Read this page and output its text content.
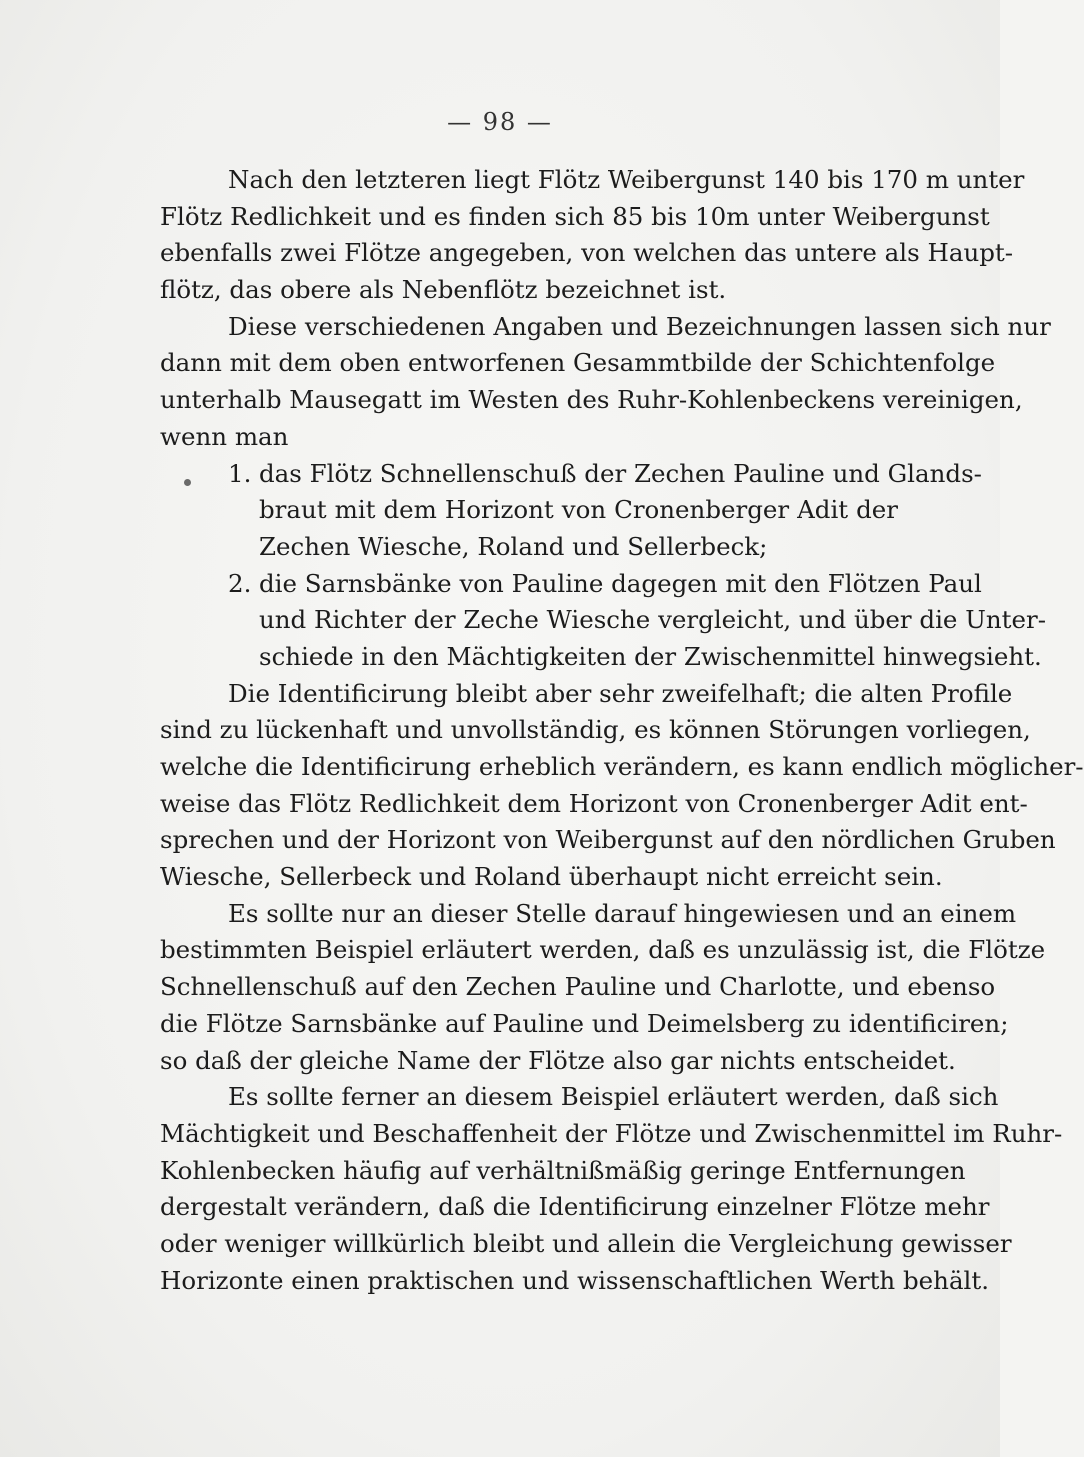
— 98 —
Nach den letzteren liegt Flötz Weibergunst 140 bis 170 m unter
Flötz Redlichkeit und es finden sich 85 bis 10m unter Weibergunst
ebenfalls zwei Flötze angegeben, von welchen das untere als Haupt-
flötz, das obere als Nebenflötz bezeichnet ist.
Diese verschiedenen Angaben und Bezeichnungen lassen sich nur
dann mit dem oben entworfenen Gesammtbilde der Schichtenfolge
unterhalb Mausegatt im Westen des Ruhr-Kohlenbeckens vereinigen,
wenn man
1. das Flötz Schnellenschuß der Zechen Pauline und Glands-
braut mit dem Horizont von Cronenberger Adit der
Zechen Wiesche, Roland und Sellerbeck;
2. die Sarnsbänke von Pauline dagegen mit den Flötzen Paul
und Richter der Zeche Wiesche vergleicht, und über die Unter-
schiede in den Mächtigkeiten der Zwischenmittel hinwegsieht.
Die Identificirung bleibt aber sehr zweifelhaft; die alten Profile
sind zu lückenhaft und unvollständig, es können Störungen vorliegen,
welche die Identificirung erheblich verändern, es kann endlich möglicher-
weise das Flötz Redlichkeit dem Horizont von Cronenberger Adit ent-
sprechen und der Horizont von Weibergunst auf den nördlichen Gruben
Wiesche, Sellerbeck und Roland überhaupt nicht erreicht sein.
Es sollte nur an dieser Stelle darauf hingewiesen und an einem
bestimmten Beispiel erläutert werden, daß es unzulässig ist, die Flötze
Schnellenschuß auf den Zechen Pauline und Charlotte, und ebenso
die Flötze Sarnsbänke auf Pauline und Deimelsberg zu identificiren;
so daß der gleiche Name der Flötze also gar nichts entscheidet.
Es sollte ferner an diesem Beispiel erläutert werden, daß sich
Mächtigkeit und Beschaffenheit der Flötze und Zwischenmittel im Ruhr-
Kohlenbecken häufig auf verhältnißmäßig geringe Entfernungen
dergestalt verändern, daß die Identificirung einzelner Flötze mehr
oder weniger willkürlich bleibt und allein die Vergleichung gewisser
Horizonte einen praktischen und wissenschaftlichen Werth behält.
